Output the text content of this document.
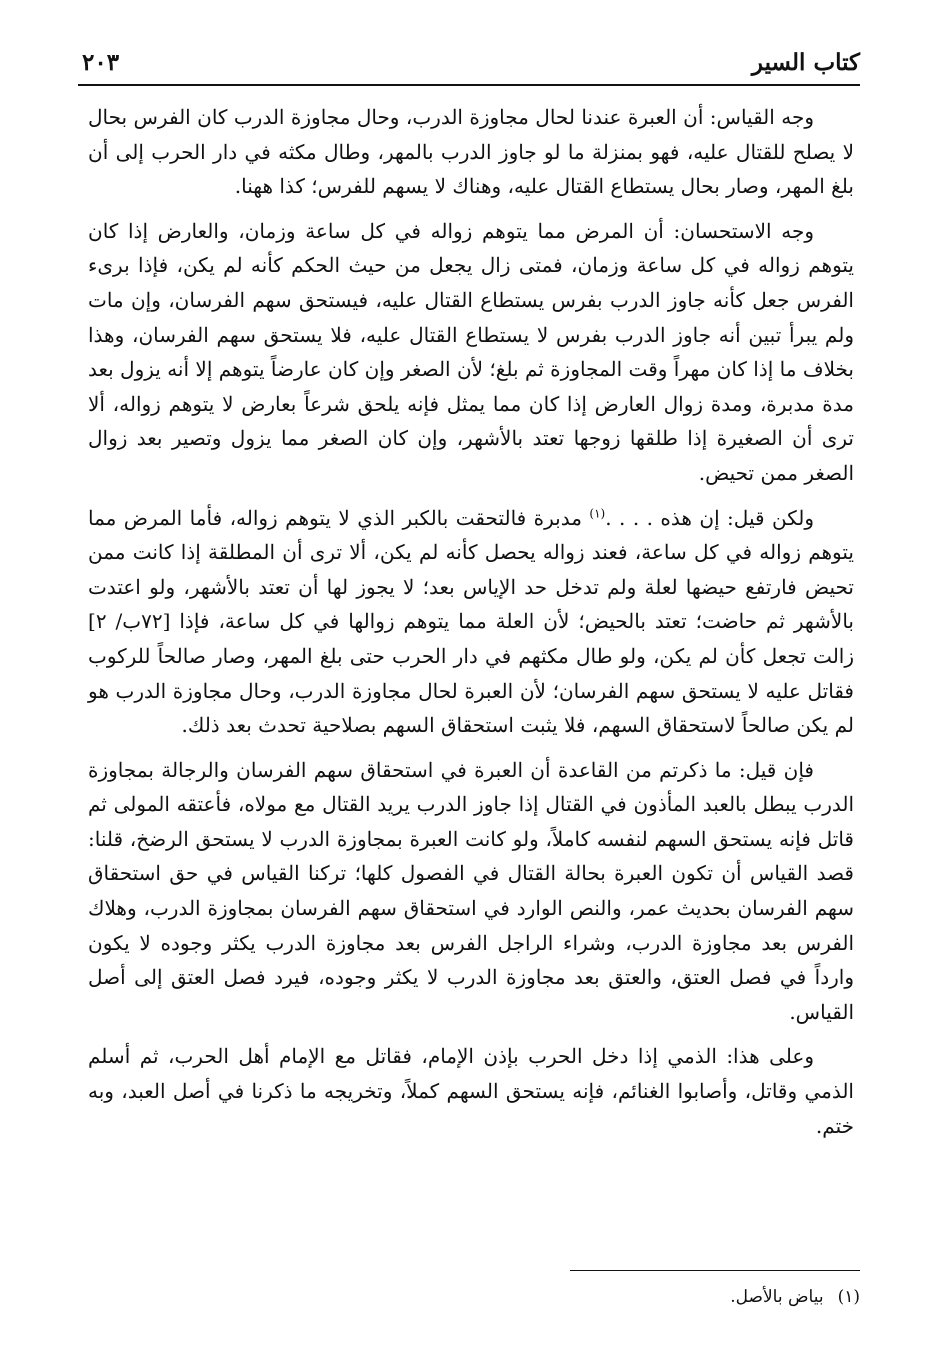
كتاب السير
٢٠٣

وجه القياس: أن العبرة عندنا لحال مجاوزة الدرب، وحال مجاوزة الدرب كان الفرس بحال لا يصلح للقتال عليه، فهو بمنزلة ما لو جاوز الدرب بالمهر، وطال مكثه في دار الحرب إلى أن بلغ المهر، وصار بحال يستطاع القتال عليه، وهناك لا يسهم للفرس؛ كذا ههنا.

وجه الاستحسان: أن المرض مما يتوهم زواله في كل ساعة وزمان، والعارض إذا كان يتوهم زواله في كل ساعة وزمان، فمتى زال يجعل من حيث الحكم كأنه لم يكن، فإذا برىء الفرس جعل كأنه جاوز الدرب بفرس يستطاع القتال عليه، فيستحق سهم الفرسان، وإن مات ولم يبرأ تبين أنه جاوز الدرب بفرس لا يستطاع القتال عليه، فلا يستحق سهم الفرسان، وهذا بخلاف ما إذا كان مهراً وقت المجاوزة ثم بلغ؛ لأن الصغر وإن كان عارضاً يتوهم إلا أنه يزول بعد مدة مدبرة، ومدة زوال العارض إذا كان مما يمثل فإنه يلحق شرعاً بعارض لا يتوهم زواله، ألا ترى أن الصغيرة إذا طلقها زوجها تعتد بالأشهر، وإن كان الصغر مما يزول وتصير بعد زوال الصغر ممن تحيض.

ولكن قيل: إن هذه . . . .$^{(١)}$ مدبرة فالتحقت بالكبر الذي لا يتوهم زواله، فأما المرض مما يتوهم زواله في كل ساعة، فعند زواله يحصل كأنه لم يكن، ألا ترى أن المطلقة إذا كانت ممن تحيض فارتفع حيضها لعلة ولم تدخل حد الإياس بعد؛ لا يجوز لها أن تعتد بالأشهر، ولو اعتدت بالأشهر ثم حاضت؛ تعتد بالحيض؛ لأن العلة مما يتوهم زوالها في كل ساعة، فإذا [٧٢ب/ ٢] زالت تجعل كأن لم يكن، ولو طال مكثهم في دار الحرب حتى بلغ المهر، وصار صالحاً للركوب فقاتل عليه لا يستحق سهم الفرسان؛ لأن العبرة لحال مجاوزة الدرب، وحال مجاوزة الدرب هو لم يكن صالحاً لاستحقاق السهم، فلا يثبت استحقاق السهم بصلاحية تحدث بعد ذلك.

فإن قيل: ما ذكرتم من القاعدة أن العبرة في استحقاق سهم الفرسان والرجالة بمجاوزة الدرب يبطل بالعبد المأذون في القتال إذا جاوز الدرب يريد القتال مع مولاه، فأعتقه المولى ثم قاتل فإنه يستحق السهم لنفسه كاملاً، ولو كانت العبرة بمجاوزة الدرب لا يستحق الرضخ، قلنا: قصد القياس أن تكون العبرة بحالة القتال في الفصول كلها؛ تركنا القياس في حق استحقاق سهم الفرسان بحديث عمر، والنص الوارد في استحقاق سهم الفرسان بمجاوزة الدرب، وهلاك الفرس بعد مجاوزة الدرب، وشراء الراجل الفرس بعد مجاوزة الدرب يكثر وجوده لا يكون وارداً في فصل العتق، والعتق بعد مجاوزة الدرب لا يكثر وجوده، فيرد فصل العتق إلى أصل القياس.

وعلى هذا: الذمي إذا دخل الحرب بإذن الإمام، فقاتل مع الإمام أهل الحرب، ثم أسلم الذمي وقاتل، وأصابوا الغنائم، فإنه يستحق السهم كملاً، وتخريجه ما ذكرنا في أصل العبد، وبه ختم.

(١)بياض بالأصل.
